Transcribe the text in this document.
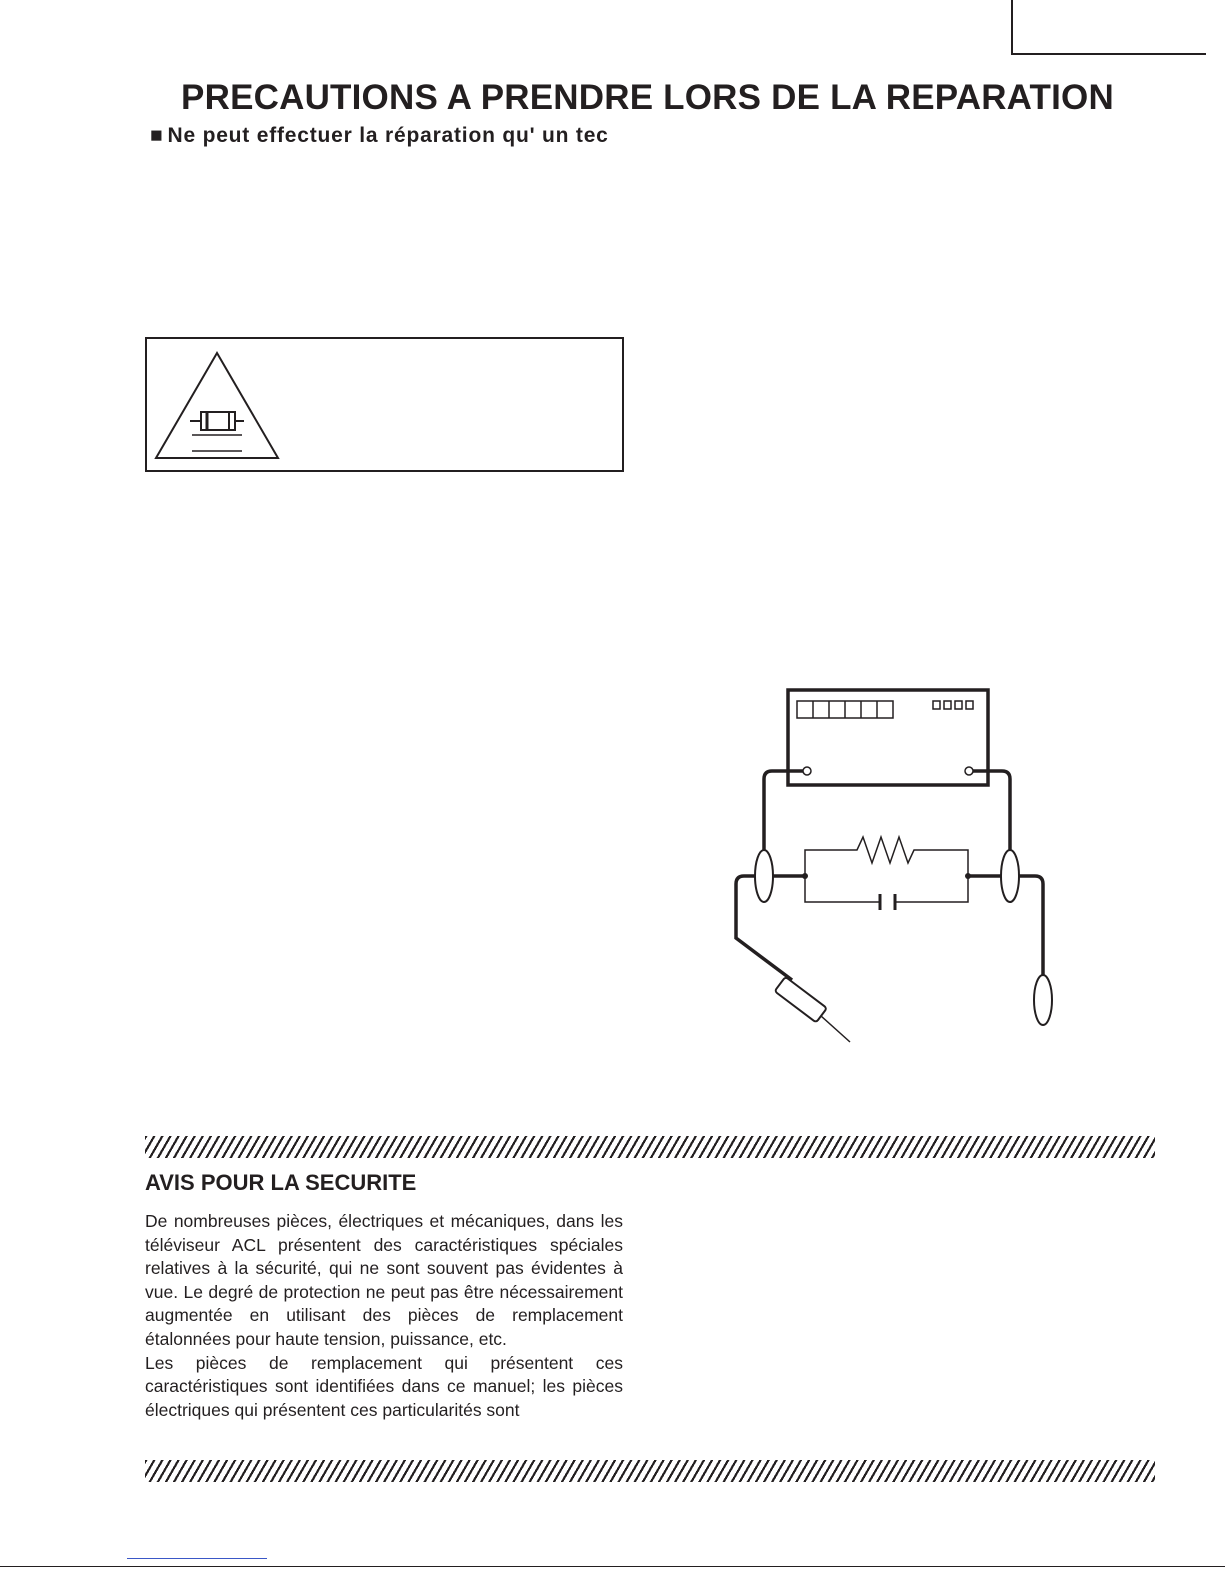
PRECAUTIONS A PRENDRE LORS DE LA REPARATION

■ Ne peut effectuer la réparation qu' un tec

AVIS POUR LA SECURITE

De nombreuses pièces, électriques et mécaniques, dans les téléviseur ACL présentent des caractéristiques spéciales relatives à la sécurité, qui ne sont souvent pas évidentes à vue. Le degré de protection ne peut pas être nécessairement augmentée en utilisant des pièces de remplacement étalonnées pour haute tension, puissance, etc.

Les pièces de remplacement qui présentent ces caractéristiques sont identifiées dans ce manuel; les pièces électriques qui présentent ces particularités sont
